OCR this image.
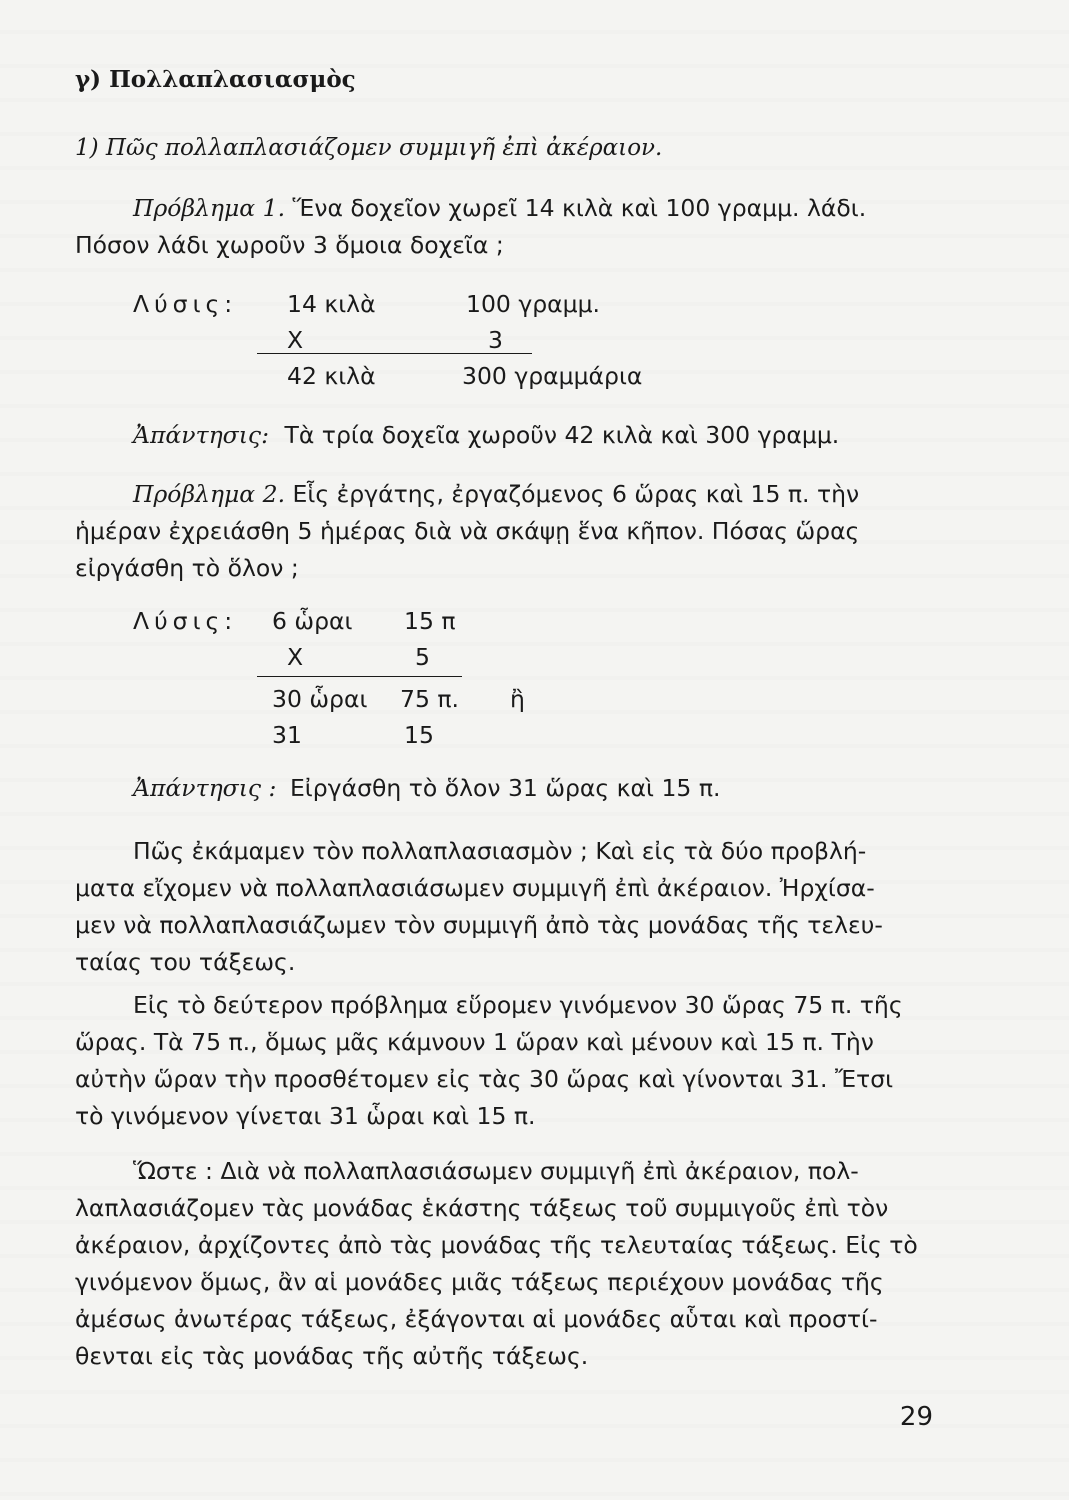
γ) Πολλαπλασιασμὸς
1) Πῶς πολλαπλασιάζομεν συμμιγῆ ἐπὶ ἀκέραιον.
Πρόβλημα 1. Ἕνα δοχεῖον χωρεῖ 14 κιλὰ καὶ 100 γραμμ. λάδι.
Πόσον λάδι χωροῦν 3 ὅμοια δοχεῖα ;
Λύσις: 14 κιλὰ	100 γραμμ.
X	3
42 κιλὰ	300 γραμμάρια
Ἀπάντησις: Τὰ τρία δοχεῖα χωροῦν 42 κιλὰ καὶ 300 γραμμ.
Πρόβλημα 2. Εἷς ἐργάτης, ἐργαζόμενος 6 ὥρας καὶ 15 π. τὴν
ἡμέραν ἐχρειάσθη 5 ἡμέρας διὰ νὰ σκάψῃ ἕνα κῆπον. Πόσας ὥρας
εἰργάσθη τὸ ὅλον ;
Λύσις: 6 ὧραι 15 π
X	5
30 ὧραι 75 π. ἢ
31	15
Ἀπάντησις : Εἰργάσθη τὸ ὅλον 31 ὥρας καὶ 15 π.
Πῶς ἐκάμαμεν τὸν πολλαπλασιασμὸν ; Καὶ εἰς τὰ δύο προβλή-
ματα εἴχομεν νὰ πολλαπλασιάσωμεν συμμιγῆ ἐπὶ ἀκέραιον. Ἠρχίσα-
μεν νὰ πολλαπλασιάζωμεν τὸν συμμιγῆ ἀπὸ τὰς μονάδας τῆς τελευ-
ταίας του τάξεως.
Εἰς τὸ δεύτερον πρόβλημα εὕρομεν γινόμενον 30 ὥρας 75 π. τῆς
ὥρας. Τὰ 75 π., ὅμως μᾶς κάμνουν 1 ὥραν καὶ μένουν καὶ 15 π. Τὴν
αὐτὴν ὥραν τὴν προσθέτομεν εἰς τὰς 30 ὥρας καὶ γίνονται 31. Ἔτσι
τὸ γινόμενον γίνεται 31 ὧραι καὶ 15 π.
Ὥστε : Διὰ νὰ πολλαπλασιάσωμεν συμμιγῆ ἐπὶ ἀκέραιον, πολ-
λαπλασιάζομεν τὰς μονάδας ἑκάστης τάξεως τοῦ συμμιγοῦς ἐπὶ τὸν
ἀκέραιον, ἀρχίζοντες ἀπὸ τὰς μονάδας τῆς τελευταίας τάξεως. Εἰς τὸ
γινόμενον ὅμως, ἂν αἱ μονάδες μιᾶς τάξεως περιέχουν μονάδας τῆς
ἀμέσως ἀνωτέρας τάξεως, ἐξάγονται αἱ μονάδες αὗται καὶ προστί-
θενται εἰς τὰς μονάδας τῆς αὐτῆς τάξεως.
29
